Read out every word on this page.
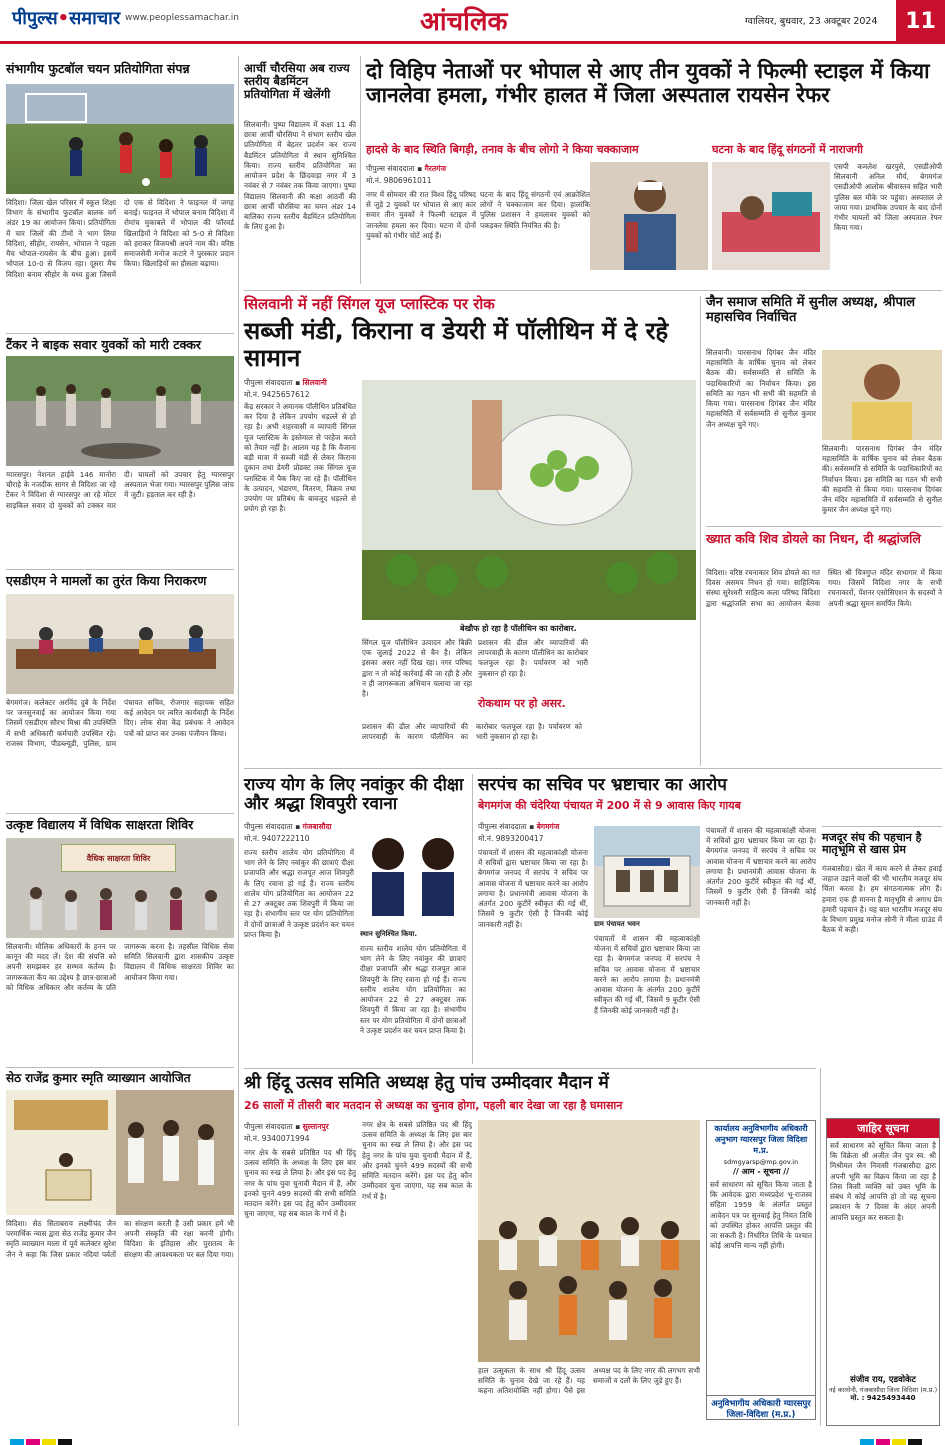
पीपुल्स•समाचार www.peoplessamachar.in	आंचलिक	ग्वालियर, बुधवार, 23 अक्टूबर 2024	11
संभागीय फुटबॉल चयन प्रतियोगिता संपन्न
विदिशा। जिला खेल परिसर में स्कूल शिक्षा विभाग के संभागीय फुटबॉल बालक वर्ग अंडर 19 का आयोजन किया। प्रतियोगिता में चार जिलों की टीमों ने भाग लिया विदिशा, सीहोर, रायसेन, भोपाल ने पहला मैच भोपाल-रायसेन के बीच हुआ। इसमें भोपाल 10-0 से विजय रहा। दूसरा मैच विदिशा बनाम सीहोर के मध्य हुआ जिसमें दो एक से विदिशा ने फाइनल में जगह बनाई। फाइनल में भोपाल बनाम विदिशा में रोमांच मुकाबले में भोपाल की फॉरवर्ड खिलाड़ियों ने विदिशा को 5-0 से विदिशा को हराकर विजयश्री अपने नाम की। वरिष्ठ समाजसेवी मनोज कटारे ने पुरस्कार प्रदान किया। खिलाड़ियों का हौसला बढ़ाया।
टैंकर ने बाइक सवार युवकों को मारी टक्कर
ग्यारसपुर। नेशनल हाईवे 146 मानोरा चौराहे के नजदीक सागर से विदिशा जा रहे टैंकर ने विदिशा से ग्यारसपुर आ रहे मोटर साइकिल सवार दो युवकों को टक्कर मार दी। घायलों को उपचार हेतु ग्यारसपुर अस्पताल भेजा गया। ग्यारसपुर पुलिस जांच में जुटी। हड़ताल कर रही है।
एसडीएम ने मामलों का तुरंत किया निराकरण
बेगमगंज। कलेक्टर अरविंद दुबे के निर्देश पर जनसुनवाई का आयोजन किया गया जिसमें एसडीएम सौरभ मिश्रा की उपस्थिति में सभी अधिकारी कर्मचारी उपस्थित रहे। राजस्व विभाग, पीडब्ल्यूडी, पुलिस, ग्राम पंचायत सचिव, रोजगार सहायक सहित कई आवेदन पर त्वरित कार्यवाही के निर्देश दिए। लोक सेवा केंद्र प्रबंधक ने आवेदन पत्रों को प्राप्त कर उनका पंजीयन किया।
उत्कृष्ट विद्यालय में विधिक साक्षरता शिविर
वैधिक साक्षरता शिविर
सिलवानी। मौलिक अधिकारों के हनन पर कानून की मदद लें। देश की संपत्ति को अपनी समझकर हर सम्भव कर्तव्य है। जागरूकता कैंप का उद्देश्य है छात्र-छात्राओं को विधिक अधिकार और कर्तव्य के प्रति जागरूक करना है। तहसील विधिक सेवा समिति सिलवानी द्वारा शासकीय उत्कृष्ट विद्यालय में विधिक साक्षरता शिविर का आयोजन किया गया।
सेठ राजेंद्र कुमार स्मृति व्याख्यान आयोजित
विदिशा। सेठ सिताबराय लक्ष्मीचंद जैन परमार्थिक न्यास द्वारा सेठ राजेंद्र कुमार जैन स्मृति व्याख्यान माला में पूर्व कलेक्टर सुरेश जैन ने कहा कि जिस प्रकार नदियां पर्वतों का संरक्षण करती हैं उसी प्रकार हमें भी अपनी संस्कृति की रक्षा करनी होगी। विदिशा के इतिहास और पुरातत्व के संरक्षण की आवश्यकता पर बल दिया गया।
आर्ची चौरसिया अब राज्य स्तरीय बैडमिंटन प्रतियोगिता में खेलेंगी
सिलवानी। पुष्पा विद्यालय में कक्षा 11 की छात्रा आर्ची चौरसिया ने संभाग स्तरीय खेल प्रतियोगिता में बेहतर प्रदर्शन कर राज्य बैडमिंटन प्रतियोगिता में स्थान सुनिश्चित किया। राज्य स्तरीय प्रतियोगिता का आयोजन प्रदेश के छिंदवाड़ा नगर में 3 नवंबर से 7 नवंबर तक किया जाएगा। पुष्पा विद्यालय सिलवानी की कक्षा आठवीं की छात्रा आर्ची चौरसिया का चयन अंडर 14 बालिका राज्य स्तरीय बैडमिंटन प्रतियोगिता के लिए हुआ है।
दो विहिप नेताओं पर भोपाल से आए तीन युवकों ने फिल्मी स्टाइल में किया जानलेवा हमला, गंभीर हालत में जिला अस्पताल रायसेन रेफर
हादसे के बाद स्थिति बिगड़ी, तनाव के बीच लोगो ने किया चक्काजाम	घटना के बाद हिंदू संगठनों में नाराजगी
पीपुल्स संवाददाता ▪ गैरतगंज
मो.नं. 9806961011
नगर में सोमवार की रात विश्व हिंदू परिषद से जुड़े 2 युवकों पर भोपाल से आए कार सवार तीन युवकों ने फिल्मी स्टाइल में जानलेवा हमला कर दिया। घटना में दोनों युवकों को गंभीर चोटें आई हैं।
घटना के बाद हिंदू संगठनों एवं आक्रोशित लोगों ने चक्काजाम कर दिया। हालांकि पुलिस प्रशासन ने हमलावर युवकों को पकड़कर स्थिति नियंत्रित की है।
एसपी कमलेश खरपुसे, एसडीओपी सिलवानी अनिल मौर्य, बेगमगंज एसडीओपी आलोक श्रीवास्तव सहित भारी पुलिस बल मौके पर पहुंचा। अस्पताल ले जाया गया। प्राथमिक उपचार के बाद दोनों गंभीर घायलों को जिला अस्पताल रेफर किया गया।
सिलवानी में नहीं सिंगल यूज प्लास्टिक पर रोक
सब्जी मंडी, किराना व डेयरी में पॉलीथिन में दे रहे सामान
पीपुल्स संवाददाता ▪ सिलवानी
मो.नं. 9425657612
केंद्र सरकार ने अमानक पॉलीथिन प्रतिबंधित कर दिया है लेकिन उपयोग धड़ल्ले से हो रहा है। अभी शहरवासी व व्यापारी सिंगल यूज प्लास्टिक के इस्तेमाल से परहेज करते को तैयार नहीं है। आलम यह है कि वैजाना बड़ी मात्रा में सब्जी मंडी से लेकर किराना दुकान तथा डेयरी प्रोडक्ट तक सिंगल यूज प्लास्टिक में पैक किए जा रहे हैं। पॉलीथिन के उत्पादन, भंडारण, वितरण, विक्रय तथा उपयोग पर प्रतिबंध के बावजूद धड़ल्ले से प्रयोग हो रहा है।
बेखौफ हो रहा है पॉलीथिन का कारोबार.
सिंगल यूज पॉलीथिन उत्पादन और बिक्री एक जुलाई 2022 से बैन है। लेकिन इसका असर नहीं दिख रहा। नगर परिषद द्वारा न तो कोई कार्रवाई की जा रही है और न ही जागरूकता अभियान चलाया जा रहा है।
प्रशासन की ढील और व्यापारियों की लापरवाही के कारण पॉलीथिन का कारोबार फलफूल रहा है। पर्यावरण को भारी नुकसान हो रहा है।
रोकथाम पर हो असर.
प्रशासन की ढील और व्यापारियों की लापरवाही के कारण पॉलीथिन का कारोबार फलफूल रहा है। पर्यावरण को भारी नुकसान हो रहा है।
जैन समाज समिति में सुनील अध्यक्ष, श्रीपाल महासचिव निर्वाचित
सिलवानी। पारसनाथ दिगंबर जैन मंदिर महासमिति के वार्षिक चुनाव को लेकर बैठक की। सर्वसम्मति से समिति के पदाधिकारियों का निर्वाचन किया। इस समिति का गठन भी सभी की सहमति से किया गया। पारसनाथ दिगंबर जैन मंदिर महासमिति में सर्वसम्मति से सुनील कुमार जैन अध्यक्ष चुने गए।
सिलवानी। पारसनाथ दिगंबर जैन मंदिर महासमिति के वार्षिक चुनाव को लेकर बैठक की। सर्वसम्मति से समिति के पदाधिकारियों का निर्वाचन किया। इस समिति का गठन भी सभी की सहमति से किया गया। पारसनाथ दिगंबर जैन मंदिर महासमिति में सर्वसम्मति से सुनील कुमार जैन अध्यक्ष चुने गए।
ख्यात कवि शिव डोयले का निधन, दी श्रद्धांजलि
विदिशा। वरिष्ठ रचनाकार शिव डोयले का गत दिवस असमय निधन हो गया। साहित्यिक संस्था सुरेश्वरी साहित्य कला परिषद विदिशा द्वारा श्रद्धांजलि सभा का आयोजन बेतवा स्थित श्री चित्रगुप्त मंदिर सभागार में किया गया। जिसमें विदिशा नगर के सभी रचनाकारों, पेंशनर एसोसिएशन के सदस्यों ने अपनी श्रद्धा सुमन समर्पित किये।
राज्य योग के लिए नवांकुर की दीक्षा और श्रद्धा शिवपुरी रवाना
पीपुल्स संवाददाता ▪ गंजबासौदा
मो.नं. 9407222110
राज्य स्तरीय शालेय योग प्रतियोगिता में भाग लेने के लिए नवांकुर की छात्राएं दीक्षा प्रजापति और श्रद्धा राजपूत आज शिवपुरी के लिए रवाना हो गई हैं। राज्य स्तरीय शालेय योग प्रतियोगिता का आयोजन 22 से 27 अक्टूबर तक शिवपुरी में किया जा रहा है। संभागीय स्तर पर योग प्रतियोगिता में दोनों छात्राओं ने उत्कृष्ट प्रदर्शन कर चयन प्राप्त किया है।	स्थान सुनिश्चित किया.
राज्य स्तरीय शालेय योग प्रतियोगिता में भाग लेने के लिए नवांकुर की छात्राएं दीक्षा प्रजापति और श्रद्धा राजपूत आज शिवपुरी के लिए रवाना हो गई हैं। राज्य स्तरीय शालेय योग प्रतियोगिता का आयोजन 22 से 27 अक्टूबर तक शिवपुरी में किया जा रहा है। संभागीय स्तर पर योग प्रतियोगिता में दोनों छात्राओं ने उत्कृष्ट प्रदर्शन कर चयन प्राप्त किया है।
सरपंच का सचिव पर भ्रष्टाचार का आरोप
बेगमगंज की चंदेरिया पंचायत में 200 में से 9 आवास किए गायब
पीपुल्स संवाददाता ▪ बेगमगंज
मो.नं. 9893200417
पंचायतों में शासन की महत्वाकांक्षी योजना में सचिवों द्वारा भ्रष्टाचार किया जा रहा है। बेगमगंज जनपद में सरपंच ने सचिव पर आवास योजना में भ्रष्टाचार करने का आरोप लगाया है। प्रधानमंत्री आवास योजना के अंतर्गत 200 कुटीरें स्वीकृत की गई थीं, जिसमें 9 कुटीर ऐसी हैं जिनकी कोई जानकारी नहीं है।	ग्राम पंचायत भवन
पंचायतों में शासन की महत्वाकांक्षी योजना में सचिवों द्वारा भ्रष्टाचार किया जा रहा है। बेगमगंज जनपद में सरपंच ने सचिव पर आवास योजना में भ्रष्टाचार करने का आरोप लगाया है। प्रधानमंत्री आवास योजना के अंतर्गत 200 कुटीरें स्वीकृत की गई थीं, जिसमें 9 कुटीर ऐसी हैं जिनकी कोई जानकारी नहीं है।
पंचायतों में शासन की महत्वाकांक्षी योजना में सचिवों द्वारा भ्रष्टाचार किया जा रहा है। बेगमगंज जनपद में सरपंच ने सचिव पर आवास योजना में भ्रष्टाचार करने का आरोप लगाया है। प्रधानमंत्री आवास योजना के अंतर्गत 200 कुटीरें स्वीकृत की गई थीं, जिसमें 9 कुटीर ऐसी हैं जिनकी कोई जानकारी नहीं है।
श्री हिंदू उत्सव समिति अध्यक्ष हेतु पांच उम्मीदवार मैदान में
26 सालों में तीसरी बार मतदान से अध्यक्ष का चुनाव होगा, पहली बार देखा जा रहा है घमासान
पीपुल्स संवाददाता ▪ सुल्तानपुर
मो.नं. 9340071994
नगर क्षेत्र के सबसे प्रतिष्ठित पद श्री हिंदू उत्सव समिति के अध्यक्ष के लिए इस बार चुनाव का रुख ले लिया है। और इस पद हेतु नगर के पांच युवा चुनावी मैदान में हैं, और इनको चुनने 499 सदस्यों की सभी समिति मतदान करेंगे। इस पद हेतु कौन उम्मीदवार चुना जाएगा, यह सब काल के गर्भ में है।
नगर क्षेत्र के सबसे प्रतिष्ठित पद श्री हिंदू उत्सव समिति के अध्यक्ष के लिए इस बार चुनाव का रुख ले लिया है। और इस पद हेतु नगर के पांच युवा चुनावी मैदान में हैं, और इनको चुनने 499 सदस्यों की सभी समिति मतदान करेंगे। इस पद हेतु कौन उम्मीदवार चुना जाएगा, यह सब काल के गर्भ में है।
हाल उत्सुकता के साथ श्री हिंदू उत्सव समिति के चुनाव देखे जा रहे हैं। यह कहना अतिशयोक्ति नहीं होगा। पैसे इस अध्यक्ष पद के लिए नगर की लगभग सभी समाजों व दलों के लिए जुड़े हुए हैं।
जाहिर सूचना
सर्व साधारण को सूचित किया जाता है कि विक्रेता श्री अजीत जैन पुत्र स्व. श्री मिश्रीमल जैन निवासी गंजबासौदा द्वारा अपनी भूमि का विक्रय किया जा रहा है जिस किसी व्यक्ति को उक्त भूमि के संबंध में कोई आपत्ति हो तो वह सूचना प्रकाशन के 7 दिवस के अंदर अपनी आपत्ति प्रस्तुत कर सकता है।
संजीव राय, एडवोकेट
नई कालोनी, गंजबासौदा जिला विदिशा (म.प्र.)
मो. : 9425493440
मजदूर संघ की पहचान है मातृभूमि से खास प्रेम
गंजबासौदा। खेत में काम करने से लेकर हवाई जहाज उड़ाने वालों की भी भारतीय मजदूर संघ चिंता करता है। हम संगठनात्मक लोग हैं। हमारा एक ही मानना है मातृभूमि से अगाध प्रेम हमारी पहचान है। यह बात भारतीय मजदूर संघ के विभाग प्रमुख मनोज सोनी ने मीला ग्राउंड में बैठक में कही।
कार्यालय अनुविभागीय अधिकारी अनुभाग ग्यारसपुर जिला विदिशा म.प्र.
sdmgyarsp@mp.gov.in
// आम - सूचना //
सर्व साधारण को सूचित किया जाता है कि आवेदक द्वारा मध्यप्रदेश भू-राजस्व संहिता 1959 के अंतर्गत प्रस्तुत आवेदन पत्र पर सुनवाई हेतु नियत तिथि को उपस्थित होकर आपत्ति प्रस्तुत की जा सकती है। निर्धारित तिथि के पश्चात कोई आपत्ति मान्य नहीं होगी।
अनुविभागीय अधिकारी ग्यारसपुर जिला-विदिशा (म.प्र.)
